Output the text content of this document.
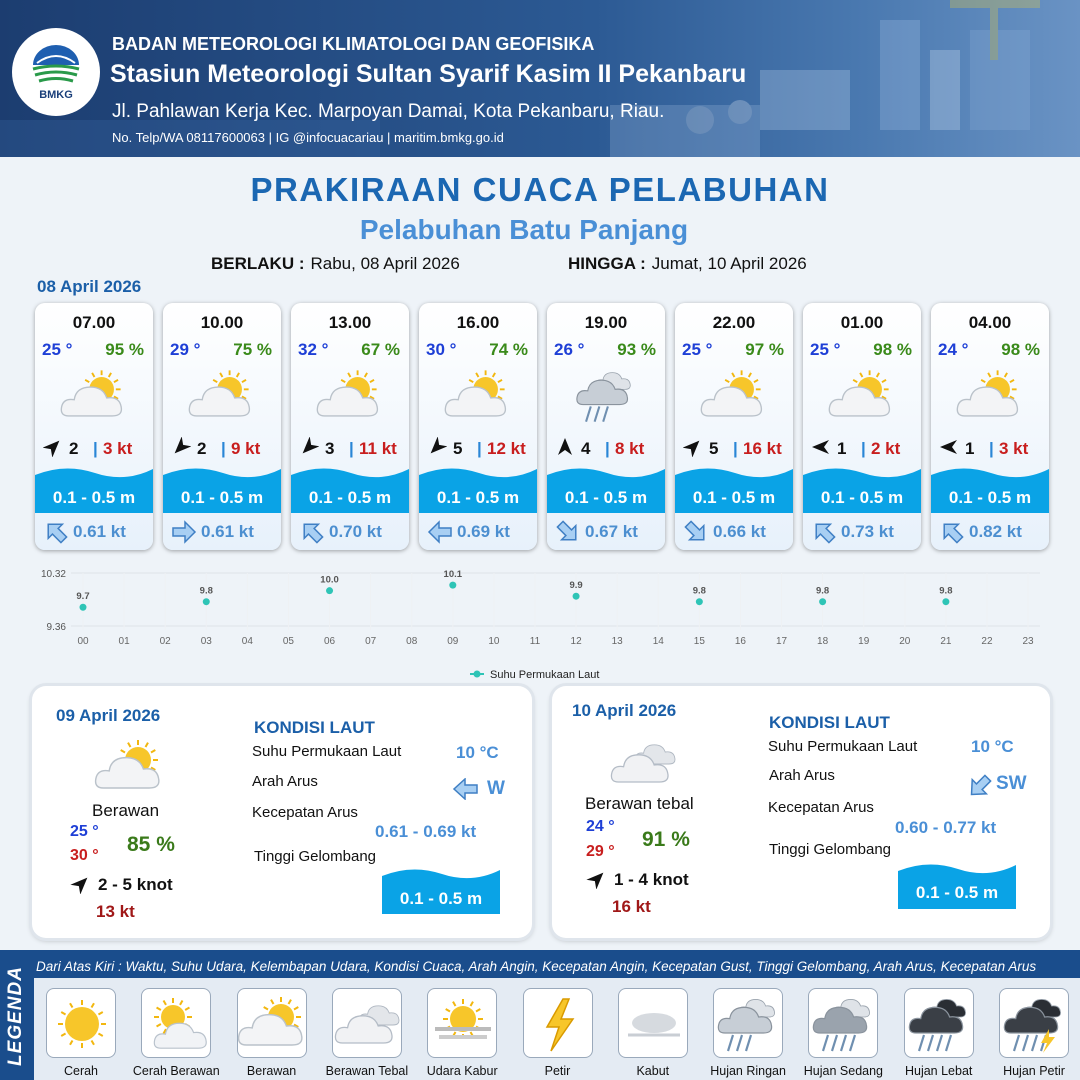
BMKG
BADAN METEOROLOGI KLIMATOLOGI DAN GEOFISIKA
Stasiun Meteorologi Sultan Syarif Kasim II Pekanbaru
Jl. Pahlawan Kerja Kec. Marpoyan Damai, Kota Pekanbaru, Riau.
No. Telp/WA 08117600063 | IG @infocuacariau | maritim.bmkg.go.id
PRAKIRAAN CUACA PELABUHAN
Pelabuhan Batu Panjang
BERLAKU : Rabu, 08 April 2026	HINGGA : Jumat, 10 April 2026
08 April 2026
07.00
25 ° 95 %
2 | 3 kt
0.1 - 0.5 m
0.61 kt
10.00
29 ° 75 %
2 | 9 kt
0.1 - 0.5 m
0.61 kt
13.00
32 ° 67 %
3 | 11 kt
0.1 - 0.5 m
0.70 kt
16.00
30 ° 74 %
5 | 12 kt
0.1 - 0.5 m
0.69 kt
19.00
26 ° 93 %
4 | 8 kt
0.1 - 0.5 m
0.67 kt
22.00
25 ° 97 %
5 | 16 kt
0.1 - 0.5 m
0.66 kt
01.00
25 ° 98 %
1 | 2 kt
0.1 - 0.5 m
0.73 kt
04.00
24 ° 98 %
1 | 3 kt
0.1 - 0.5 m
0.82 kt
00	01	02	03	04	05	06	07	08	09	10	11	12	13	14	15	16	17	18	19	20	21	22	23
10.32
9.36
9.7
9.8
10.0
10.1
9.9
9.8	9.8	9.8
Suhu Permukaan Laut
09 April 2026
Berawan
25 °
30 ° 85 %
2 - 5 knot
13 kt
KONDISI LAUT
Suhu Permukaan Laut	10 °C
Arah Arus	W
Kecepatan Arus
0.61 - 0.69 kt
Tinggi Gelombang
0.1 - 0.5 m
10 April 2026
Berawan tebal
24 °
29 °
91 %
1 - 4 knot
16 kt
KONDISI LAUT
Suhu Permukaan Laut	10 °C
Arah Arus	SW
Kecepatan Arus
0.60 - 0.77 kt
Tinggi Gelombang
0.1 - 0.5 m
LEGENDA Dari Atas Kiri : Waktu, Suhu Udara, Kelembapan Udara, Kondisi Cuaca, Arah Angin, Kecepatan Angin, Kecepatan Gust, Tinggi Gelombang, Arah Arus, Kecepatan Arus
Cerah	Cerah Berawan	Berawan	Berawan Tebal	Udara Kabur	Petir	Kabut	Hujan Ringan	Hujan Sedang	Hujan Lebat	Hujan Petir
